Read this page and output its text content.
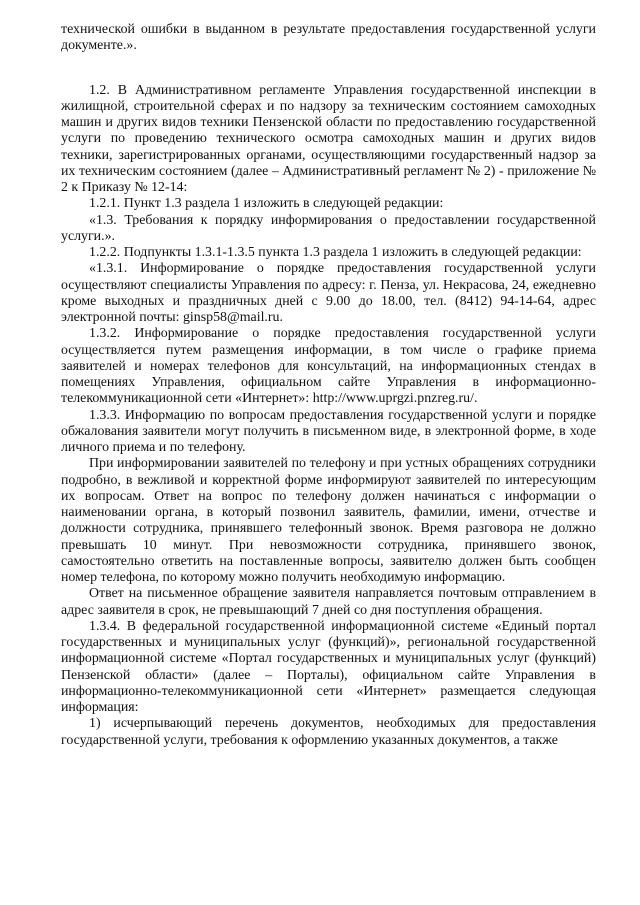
технической ошибки в выданном в результате предоставления государственной услуги документе.».

1.2. В Административном регламенте Управления государственной инспекции в жилищной, строительной сферах и по надзору за техническим состоянием самоходных машин и других видов техники Пензенской области по предоставлению государственной услуги по проведению технического осмотра самоходных машин и других видов техники, зарегистрированных органами, осуществляющими государственный надзор за их техническим состоянием (далее – Административный регламент № 2) - приложение № 2 к Приказу № 12-14:

1.2.1. Пункт 1.3 раздела 1 изложить в следующей редакции:

«1.3. Требования к порядку информирования о предоставлении государственной услуги.».

1.2.2. Подпункты 1.3.1-1.3.5 пункта 1.3 раздела 1 изложить в следующей редакции:

«1.3.1. Информирование о порядке предоставления государственной услуги осуществляют специалисты Управления по адресу: г. Пенза, ул. Некрасова, 24, ежедневно кроме выходных и праздничных дней с 9.00 до 18.00, тел. (8412) 94-14-64, адрес электронной почты: ginsp58@mail.ru.

1.3.2. Информирование о порядке предоставления государственной услуги осуществляется путем размещения информации, в том числе о графике приема заявителей и номерах телефонов для консультаций, на информационных стендах в помещениях Управления, официальном сайте Управления в информационно-телекоммуникационной сети «Интернет»: http://www.uprgzi.pnzreg.ru/.

1.3.3. Информацию по вопросам предоставления государственной услуги и порядке обжалования заявители могут получить в письменном виде, в электронной форме, в ходе личного приема и по телефону.

При информировании заявителей по телефону и при устных обращениях сотрудники подробно, в вежливой и корректной форме информируют заявителей по интересующим их вопросам. Ответ на вопрос по телефону должен начинаться с информации о наименовании органа, в который позвонил заявитель, фамилии, имени, отчестве и должности сотрудника, принявшего телефонный звонок. Время разговора не должно превышать 10 минут. При невозможности сотрудника, принявшего звонок, самостоятельно ответить на поставленные вопросы, заявителю должен быть сообщен номер телефона, по которому можно получить необходимую информацию.

Ответ на письменное обращение заявителя направляется почтовым отправлением в адрес заявителя в срок, не превышающий 7 дней со дня поступления обращения.

1.3.4. В федеральной государственной информационной системе «Единый портал государственных и муниципальных услуг (функций)», региональной государственной информационной системе «Портал государственных и муниципальных услуг (функций) Пензенской области» (далее – Порталы), официальном сайте Управления в информационно-телекоммуникационной сети «Интернет» размещается следующая информация:

1) исчерпывающий перечень документов, необходимых для предоставления государственной услуги, требования к оформлению указанных документов, а также
